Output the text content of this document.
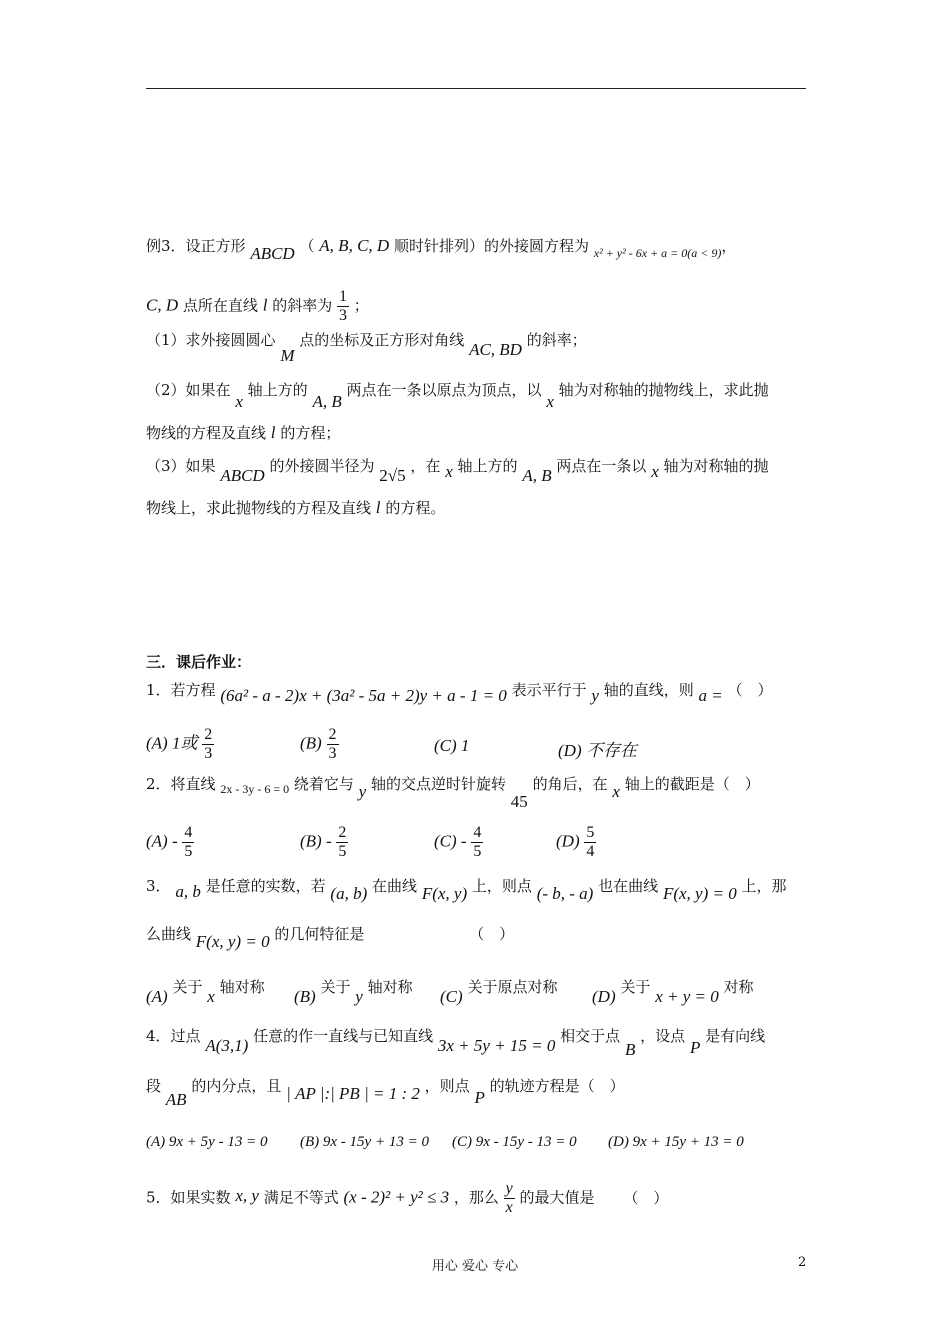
例3．设正方形 ABCD （ A, B, C, D 顺时针排列）的外接圆方程为 $_{x^2 + y^2 - 6x + a = 0(a < 9)}$，
C, D 点所在直线 l 的斜率为 $\frac{1}{3}$ ；
（1）求外接圆圆心 M 点的坐标及正方形对角线 AC, BD 的斜率；
（2）如果在 x 轴上方的 A, B 两点在一条以原点为顶点，以 x 轴为对称轴的抛物线上，求此抛
物线的方程及直线 l 的方程；
（3）如果 ABCD 的外接圆半径为 2√5 ，在 x 轴上方的 A, B 两点在一条以 x 轴为对称轴的抛
物线上，求此抛物线的方程及直线 l 的方程。
三．课后作业：
1．若方程 (6a² - a - 2)x + (3a² - 5a + 2)y + a - 1 = 0 表示平行于 y 轴的直线，则 a = （　）
(A) 1或 $\frac{2}{3}$	$(B) \frac{2}{3}$	(C) 1	(D) 不存在
2．将直线 $_{2x - 3y - 6 = 0}$ 绕着它与 y 轴的交点逆时针旋转 45 的角后，在 x 轴上的截距是（　）
$(A) - \frac{4}{5}$	$(B) - \frac{2}{5}$	$(C) - \frac{4}{5}$	$(D) \frac{5}{4}$
3． a, b 是任意的实数，若 (a, b) 在曲线 F(x, y) 上，则点 (- b, - a) 也在曲线 F(x, y) = 0 上，那
么曲线 F(x, y) = 0 的几何特征是	（　）
(A) 关于 x 轴对称 (B) 关于 y 轴对称 (C) 关于原点对称 (D) 关于 x + y = 0 对称
4．过点 A(3,1) 任意的作一直线与已知直线 3x + 5y + 15 = 0 相交于点 B ，设点 P 是有向线
段 AB 的内分点，且 | AP |:| PB | = 1 : 2 ，则点 P 的轨迹方程是（　）
(A) 9x + 5y - 13 = 0 (B) 9x - 15y + 13 = 0 (C) 9x - 15y - 13 = 0 (D) 9x + 15y + 13 = 0
5．如果实数 x, y 满足不等式 (x - 2)² + y² ≤ 3 ，那么 $\frac{y}{x}$ 的最大值是 （　）
用心 爱心 专心	2
